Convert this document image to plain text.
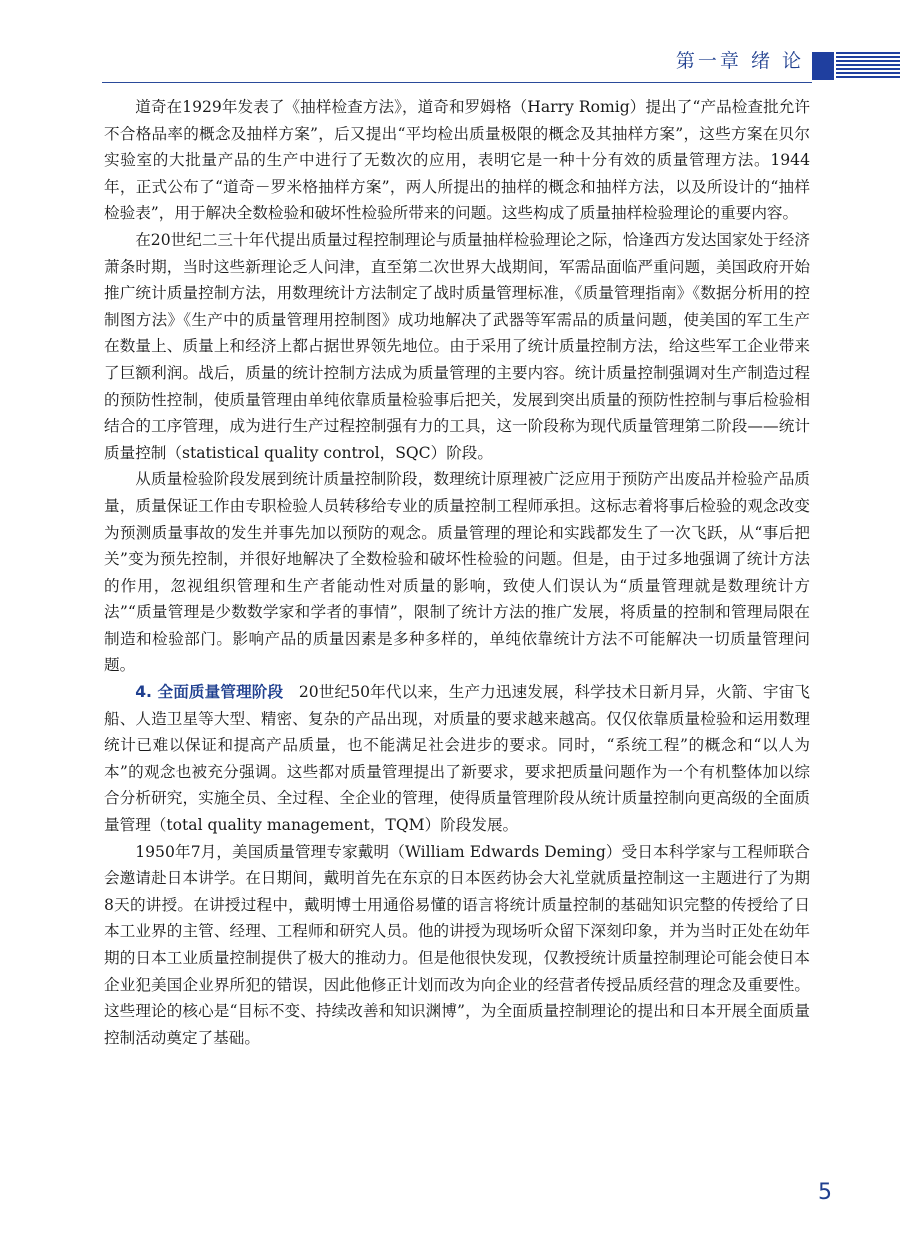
第一章 绪 论

道奇在1929年发表了《抽样检查方法》，道奇和罗姆格（Harry Romig）提出了“产品检查批允许不合格品率的概念及抽样方案”，后又提出“平均检出质量极限的概念及其抽样方案”，这些方案在贝尔实验室的大批量产品的生产中进行了无数次的应用，表明它是一种十分有效的质量管理方法。1944年，正式公布了“道奇－罗米格抽样方案”，两人所提出的抽样的概念和抽样方法，以及所设计的“抽样检验表”，用于解决全数检验和破坏性检验所带来的问题。这些构成了质量抽样检验理论的重要内容。

在20世纪二三十年代提出质量过程控制理论与质量抽样检验理论之际，恰逢西方发达国家处于经济萧条时期，当时这些新理论乏人问津，直至第二次世界大战期间，军需品面临严重问题，美国政府开始推广统计质量控制方法，用数理统计方法制定了战时质量管理标准，《质量管理指南》《数据分析用的控制图方法》《生产中的质量管理用控制图》成功地解决了武器等军需品的质量问题，使美国的军工生产在数量上、质量上和经济上都占据世界领先地位。由于采用了统计质量控制方法，给这些军工企业带来了巨额利润。战后，质量的统计控制方法成为质量管理的主要内容。统计质量控制强调对生产制造过程的预防性控制，使质量管理由单纯依靠质量检验事后把关，发展到突出质量的预防性控制与事后检验相结合的工序管理，成为进行生产过程控制强有力的工具，这一阶段称为现代质量管理第二阶段——统计质量控制（statistical quality control，SQC）阶段。

从质量检验阶段发展到统计质量控制阶段，数理统计原理被广泛应用于预防产出废品并检验产品质量，质量保证工作由专职检验人员转移给专业的质量控制工程师承担。这标志着将事后检验的观念改变为预测质量事故的发生并事先加以预防的观念。质量管理的理论和实践都发生了一次飞跃，从“事后把关”变为预先控制，并很好地解决了全数检验和破坏性检验的问题。但是，由于过多地强调了统计方法的作用，忽视组织管理和生产者能动性对质量的影响，致使人们误认为“质量管理就是数理统计方法”“质量管理是少数数学家和学者的事情”，限制了统计方法的推广发展，将质量的控制和管理局限在制造和检验部门。影响产品的质量因素是多种多样的，单纯依靠统计方法不可能解决一切质量管理问题。

4. 全面质量管理阶段 20世纪50年代以来，生产力迅速发展，科学技术日新月异，火箭、宇宙飞船、人造卫星等大型、精密、复杂的产品出现，对质量的要求越来越高。仅仅依靠质量检验和运用数理统计已难以保证和提高产品质量，也不能满足社会进步的要求。同时，“系统工程”的概念和“以人为本”的观念也被充分强调。这些都对质量管理提出了新要求，要求把质量问题作为一个有机整体加以综合分析研究，实施全员、全过程、全企业的管理，使得质量管理阶段从统计质量控制向更高级的全面质量管理（total quality management，TQM）阶段发展。

1950年7月，美国质量管理专家戴明（William Edwards Deming）受日本科学家与工程师联合会邀请赴日本讲学。在日期间，戴明首先在东京的日本医药协会大礼堂就质量控制这一主题进行了为期8天的讲授。在讲授过程中，戴明博士用通俗易懂的语言将统计质量控制的基础知识完整的传授给了日本工业界的主管、经理、工程师和研究人员。他的讲授为现场听众留下深刻印象，并为当时正处在幼年期的日本工业质量控制提供了极大的推动力。但是他很快发现，仅教授统计质量控制理论可能会使日本企业犯美国企业界所犯的错误，因此他修正计划而改为向企业的经营者传授品质经营的理念及重要性。这些理论的核心是“目标不变、持续改善和知识渊博”，为全面质量控制理论的提出和日本开展全面质量控制活动奠定了基础。

5
